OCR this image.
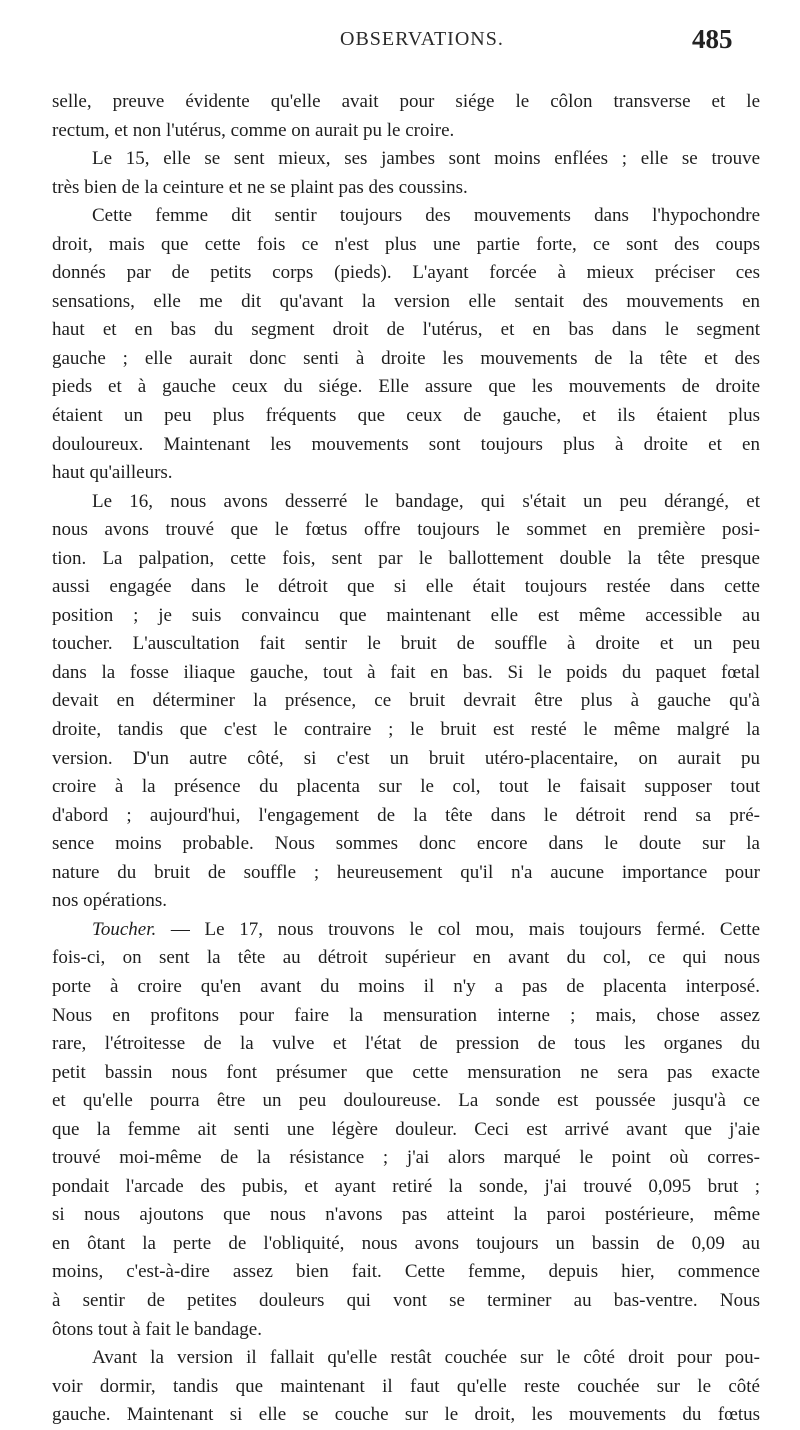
OBSERVATIONS.	485

selle, preuve évidente qu'elle avait pour siége le côlon transverse et le
rectum, et non l'utérus, comme on aurait pu le croire.

Le 15, elle se sent mieux, ses jambes sont moins enflées ; elle se trouve
très bien de la ceinture et ne se plaint pas des coussins.

Cette femme dit sentir toujours des mouvements dans l'hypochondre
droit, mais que cette fois ce n'est plus une partie forte, ce sont des coups
donnés par de petits corps (pieds). L'ayant forcée à mieux préciser ces
sensations, elle me dit qu'avant la version elle sentait des mouvements en
haut et en bas du segment droit de l'utérus, et en bas dans le segment
gauche ; elle aurait donc senti à droite les mouvements de la tête et des
pieds et à gauche ceux du siége. Elle assure que les mouvements de droite
étaient un peu plus fréquents que ceux de gauche, et ils étaient plus
douloureux. Maintenant les mouvements sont toujours plus à droite et en
haut qu'ailleurs.

Le 16, nous avons desserré le bandage, qui s'était un peu dérangé, et
nous avons trouvé que le fœtus offre toujours le sommet en première posi-
tion. La palpation, cette fois, sent par le ballottement double la tête presque
aussi engagée dans le détroit que si elle était toujours restée dans cette
position ; je suis convaincu que maintenant elle est même accessible au
toucher. L'auscultation fait sentir le bruit de souffle à droite et un peu
dans la fosse iliaque gauche, tout à fait en bas. Si le poids du paquet fœtal
devait en déterminer la présence, ce bruit devrait être plus à gauche qu'à
droite, tandis que c'est le contraire ; le bruit est resté le même malgré la
version. D'un autre côté, si c'est un bruit utéro-placentaire, on aurait pu
croire à la présence du placenta sur le col, tout le faisait supposer tout
d'abord ; aujourd'hui, l'engagement de la tête dans le détroit rend sa pré-
sence moins probable. Nous sommes donc encore dans le doute sur la
nature du bruit de souffle ; heureusement qu'il n'a aucune importance pour
nos opérations.

Toucher. — Le 17, nous trouvons le col mou, mais toujours fermé. Cette
fois-ci, on sent la tête au détroit supérieur en avant du col, ce qui nous
porte à croire qu'en avant du moins il n'y a pas de placenta interposé.
Nous en profitons pour faire la mensuration interne ; mais, chose assez
rare, l'étroitesse de la vulve et l'état de pression de tous les organes du
petit bassin nous font présumer que cette mensuration ne sera pas exacte
et qu'elle pourra être un peu douloureuse. La sonde est poussée jusqu'à ce
que la femme ait senti une légère douleur. Ceci est arrivé avant que j'aie
trouvé moi-même de la résistance ; j'ai alors marqué le point où corres-
pondait l'arcade des pubis, et ayant retiré la sonde, j'ai trouvé 0,095 brut ;
si nous ajoutons que nous n'avons pas atteint la paroi postérieure, même
en ôtant la perte de l'obliquité, nous avons toujours un bassin de 0,09 au
moins, c'est-à-dire assez bien fait. Cette femme, depuis hier, commence
à sentir de petites douleurs qui vont se terminer au bas-ventre. Nous
ôtons tout à fait le bandage.

Avant la version il fallait qu'elle restât couchée sur le côté droit pour pou-
voir dormir, tandis que maintenant il faut qu'elle reste couchée sur le côté
gauche. Maintenant si elle se couche sur le droit, les mouvements du fœtus
